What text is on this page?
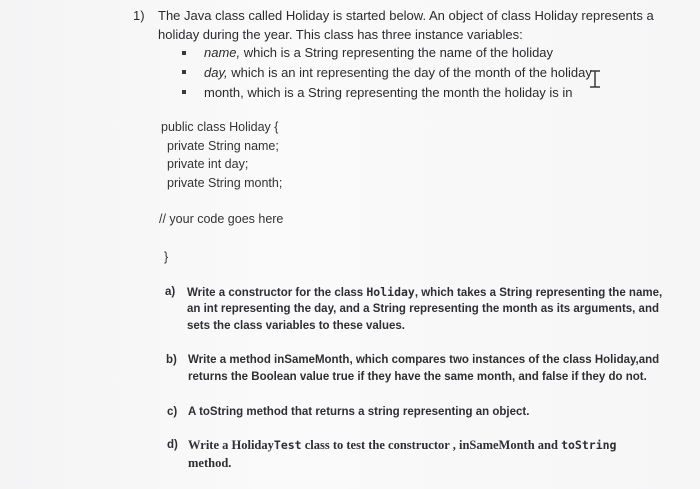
1) The Java class called Holiday is started below. An object of class Holiday represents a
holiday during the year. This class has three instance variables:
name, which is a String representing the name of the holiday
day, which is an int representing the day of the month of the holiday
month, which is a String representing the month the holiday is in
public class Holiday {
private String name;
private int day;
private String month;
// your code goes here
}
a) Write a constructor for the class Holiday, which takes a String representing the name,
an int representing the day, and a String representing the month as its arguments, and
sets the class variables to these values.
b) Write a method inSameMonth, which compares two instances of the class Holiday,and
returns the Boolean value true if they have the same month, and false if they do not.
c) A toString method that returns a string representing an object.
d) Write a HolidayTest class to test the constructor , inSameMonth and toString
method.
